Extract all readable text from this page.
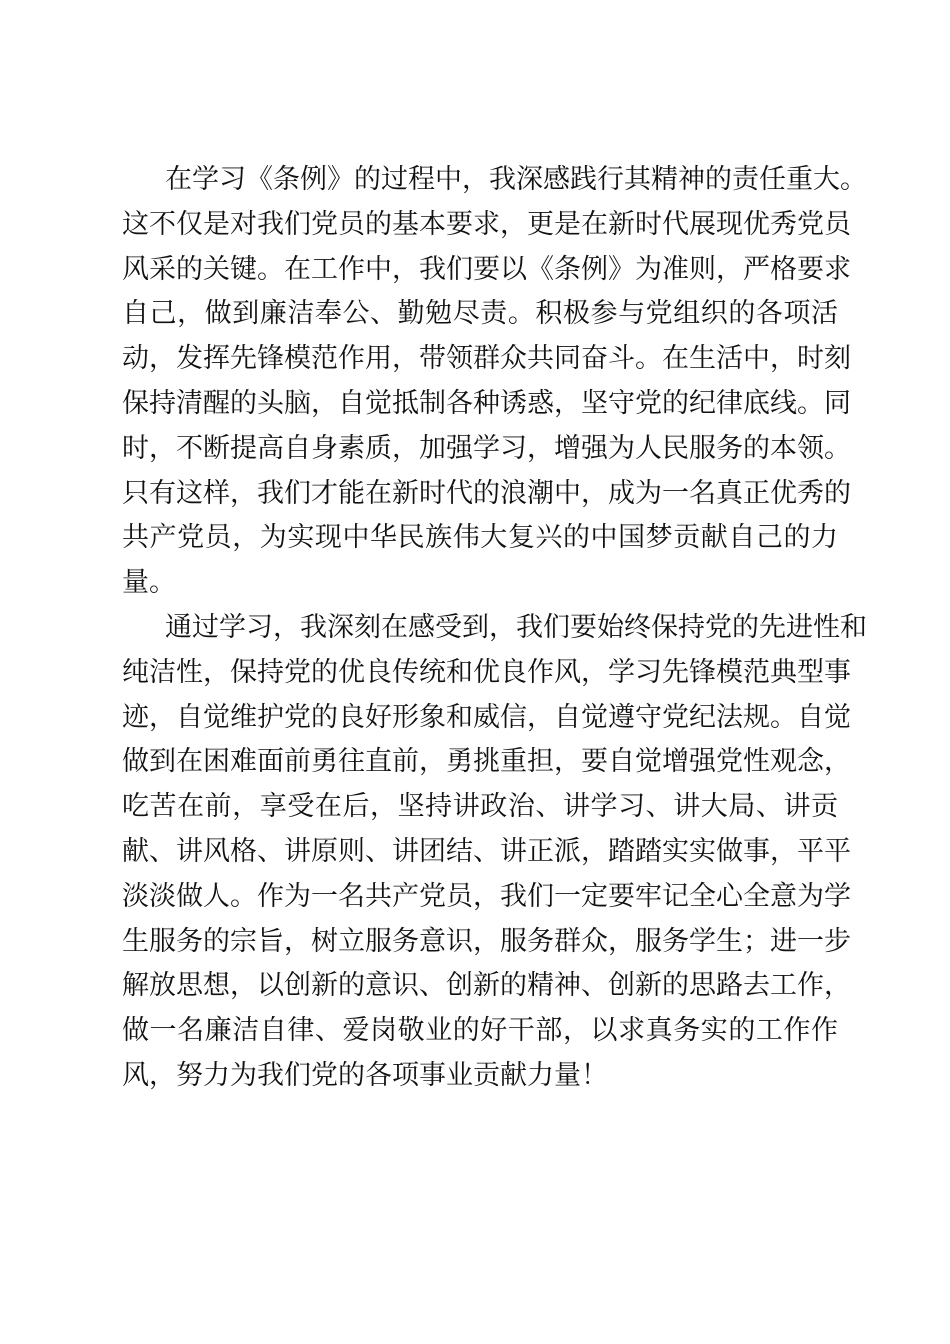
在学习《条例》的过程中，我深感践行其精神的责任重大。
这不仅是对我们党员的基本要求，更是在新时代展现优秀党员
风采的关键。在工作中，我们要以《条例》为准则，严格要求
自己，做到廉洁奉公、勤勉尽责。积极参与党组织的各项活
动，发挥先锋模范作用，带领群众共同奋斗。在生活中，时刻
保持清醒的头脑，自觉抵制各种诱惑，坚守党的纪律底线。同
时，不断提高自身素质，加强学习，增强为人民服务的本领。
只有这样，我们才能在新时代的浪潮中，成为一名真正优秀的
共产党员，为实现中华民族伟大复兴的中国梦贡献自己的力
量。
通过学习，我深刻在感受到，我们要始终保持党的先进性和
纯洁性，保持党的优良传统和优良作风，学习先锋模范典型事
迹，自觉维护党的良好形象和威信，自觉遵守党纪法规。自觉
做到在困难面前勇往直前，勇挑重担，要自觉增强党性观念，
吃苦在前，享受在后，坚持讲政治、讲学习、讲大局、讲贡
献、讲风格、讲原则、讲团结、讲正派，踏踏实实做事，平平
淡淡做人。作为一名共产党员，我们一定要牢记全心全意为学
生服务的宗旨，树立服务意识，服务群众，服务学生；进一步
解放思想，以创新的意识、创新的精神、创新的思路去工作，
做一名廉洁自律、爱岗敬业的好干部，以求真务实的工作作
风，努力为我们党的各项事业贡献力量！
